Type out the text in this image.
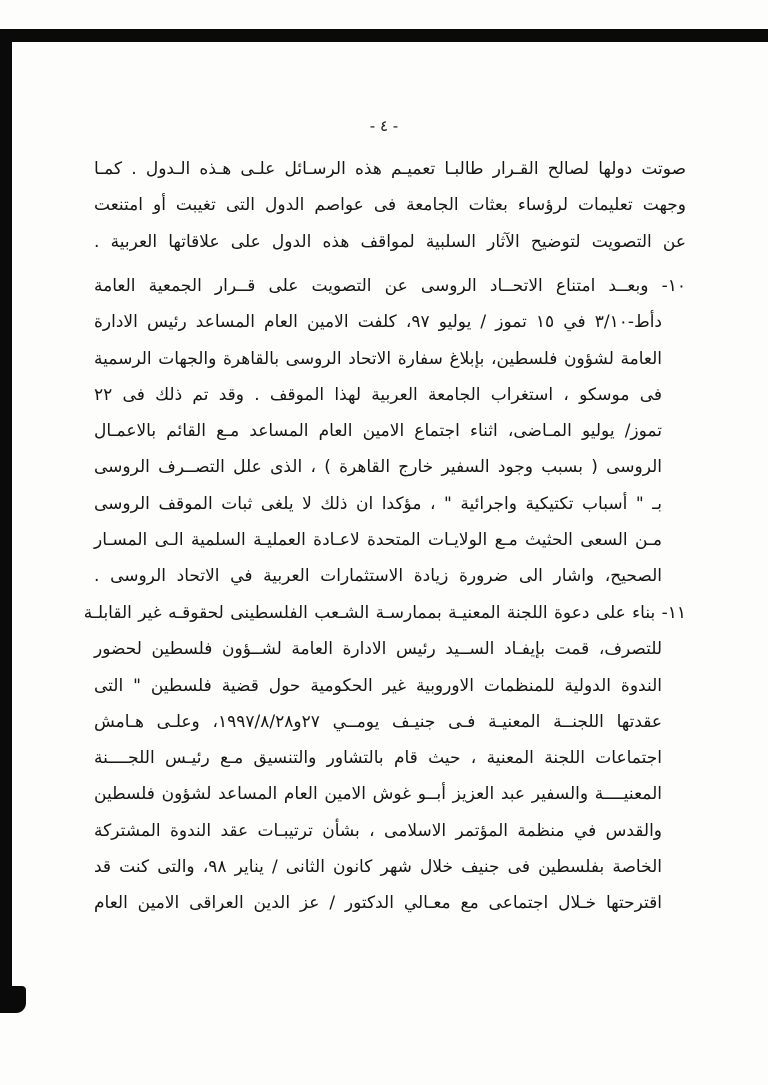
- ٤ -
صوتت دولها لصالح القـرار طالبـا تعميـم هذه الرسـائل علـى هـذه الـدول . كمـا
وجهت تعليمات لرؤساء بعثات الجامعة فى عواصم الدول التى تغيبت أو امتنعت
عن التصويت لتوضيح الآثار السلبية لمواقف هذه الدول على علاقاتها العربية .
١٠- وبعــد امتناع الاتحــاد الروسى عن التصويت على قــرار الجمعية العامة
دأط-٣/١٠ في ١٥ تموز / يوليو ٩٧، كلفت الامين العام المساعد رئيس الادارة
العامة لشؤون فلسطين، بإبلاغ سفارة الاتحاد الروسى بالقاهرة والجهات الرسمية
فى موسكو ، استغراب الجامعة العربية لهذا الموقف . وقد تم ذلك فى ٢٢
تموز/ يوليو المـاضى، اثناء اجتماع الامين العام المساعد مـع القائم بالاعمـال
الروسى ( بسبب وجود السفير خارج القاهرة ) ، الذى علل التصــرف الروسى
بـ " أسباب تكتيكية واجرائية " ، مؤكدا ان ذلك لا يلغى ثبات الموقف الروسى
مـن السعى الحثيث مـع الولايـات المتحدة لاعـادة العمليـة السلمية الـى المسـار
الصحيح، واشار الى ضرورة زيادة الاستثمارات العربية في الاتحاد الروسى .
١١- بناء على دعوة اللجنة المعنيـة بممارسـة الشـعب الفلسطينى لحقوقـه غير القابلـة
للتصرف، قمت بإيفـاد الســيد رئيس الادارة العامة لشــؤون فلسطين لحضور
الندوة الدولية للمنظمات الاوروبية غير الحكومية حول قضية فلسطين " التى
عقدتها اللجنــة المعنيـة فـى جنيـف يومــي ٢٧و١٩٩٧/٨/٢٨، وعلـى هـامش
اجتماعات اللجنة المعنية ، حيث قام بالتشاور والتنسيق مـع رئيـس اللجــــنة
المعنيــــة والسفير عبد العزيز أبــو غوش الامين العام المساعد لشؤون فلسطين
والقدس في منظمة المؤتمر الاسلامى ، بشأن ترتيبـات عقد الندوة المشتركة
الخاصة بفلسطين فى جنيف خلال شهر كانون الثانى / يناير ٩٨، والتى كنت قد
اقترحتها خـلال اجتماعى مع معـالي الدكتور / عز الدين العراقى الامين العام
